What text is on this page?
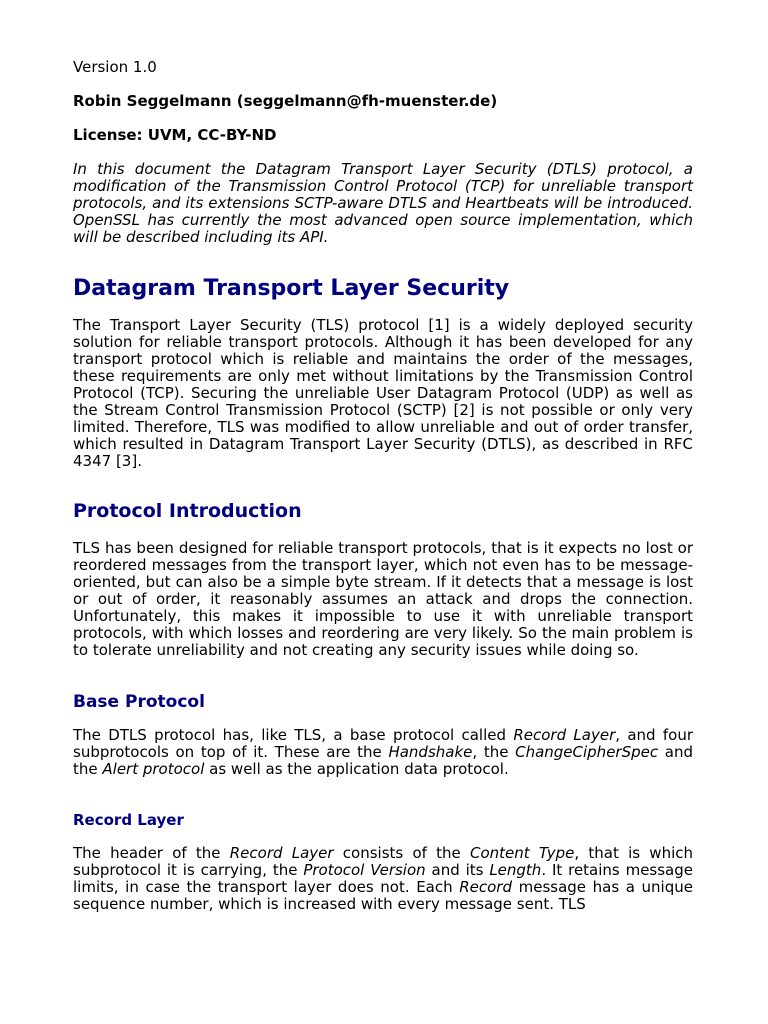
Version 1.0

Robin Seggelmann (seggelmann@fh-muenster.de)

License: UVM, CC-BY-ND

In this document the Datagram Transport Layer Security (DTLS) protocol, a modification of the Transmission Control Protocol (TCP) for unreliable transport protocols, and its extensions SCTP-aware DTLS and Heartbeats will be introduced. OpenSSL has currently the most advanced open source implementation, which will be described including its API.

Datagram Transport Layer Security

The Transport Layer Security (TLS) protocol [1] is a widely deployed security solution for reliable transport protocols. Although it has been developed for any transport protocol which is reliable and maintains the order of the messages, these requirements are only met without limitations by the Transmission Control Protocol (TCP). Securing the unreliable User Datagram Protocol (UDP) as well as the Stream Control Transmission Protocol (SCTP) [2] is not possible or only very limited. Therefore, TLS was modified to allow unreliable and out of order transfer, which resulted in Datagram Transport Layer Security (DTLS), as described in RFC 4347 [3].

Protocol Introduction

TLS has been designed for reliable transport protocols, that is it expects no lost or reordered messages from the transport layer, which not even has to be message-oriented, but can also be a simple byte stream. If it detects that a message is lost or out of order, it reasonably assumes an attack and drops the connection. Unfortunately, this makes it impossible to use it with unreliable transport protocols, with which losses and reordering are very likely. So the main problem is to tolerate unreliability and not creating any security issues while doing so.

Base Protocol

The DTLS protocol has, like TLS, a base protocol called Record Layer, and four subprotocols on top of it. These are the Handshake, the ChangeCipherSpec and the Alert protocol as well as the application data protocol.

Record Layer

The header of the Record Layer consists of the Content Type, that is which subprotocol it is carrying, the Protocol Version and its Length. It retains message limits, in case the transport layer does not. Each Record message has a unique sequence number, which is increased with every message sent. TLS
